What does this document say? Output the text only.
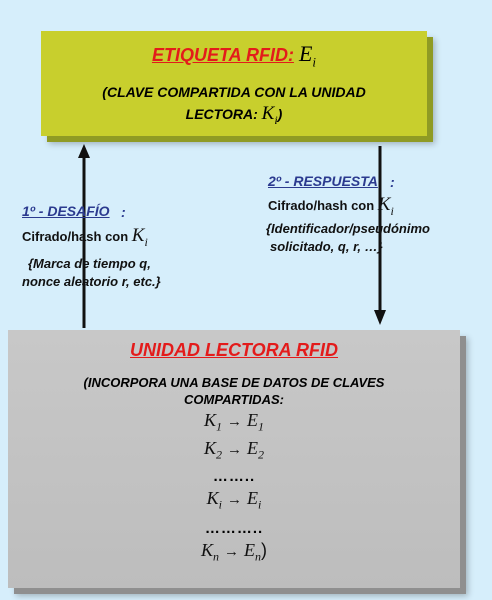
ETIQUETA RFID: $E_i$
(CLAVE COMPARTIDA CON LA UNIDAD
LECTORA: $K_i$)
1º - DESAFÍO :
Cifrado/hash con $K_i$
{Marca de tiempo q,
nonce aleatorio r, etc.}
2º - RESPUESTA :
Cifrado/hash con $K_i$
{Identificador/pseudónimo
solicitado, q, r, …}
UNIDAD LECTORA RFID
(INCORPORA UNA BASE DE DATOS DE CLAVES
COMPARTIDAS:
$K_1 \to E_1$
$K_2 \to E_2$
……..
$K_i \to E_i$
………..
$K_n \to E_n$)
